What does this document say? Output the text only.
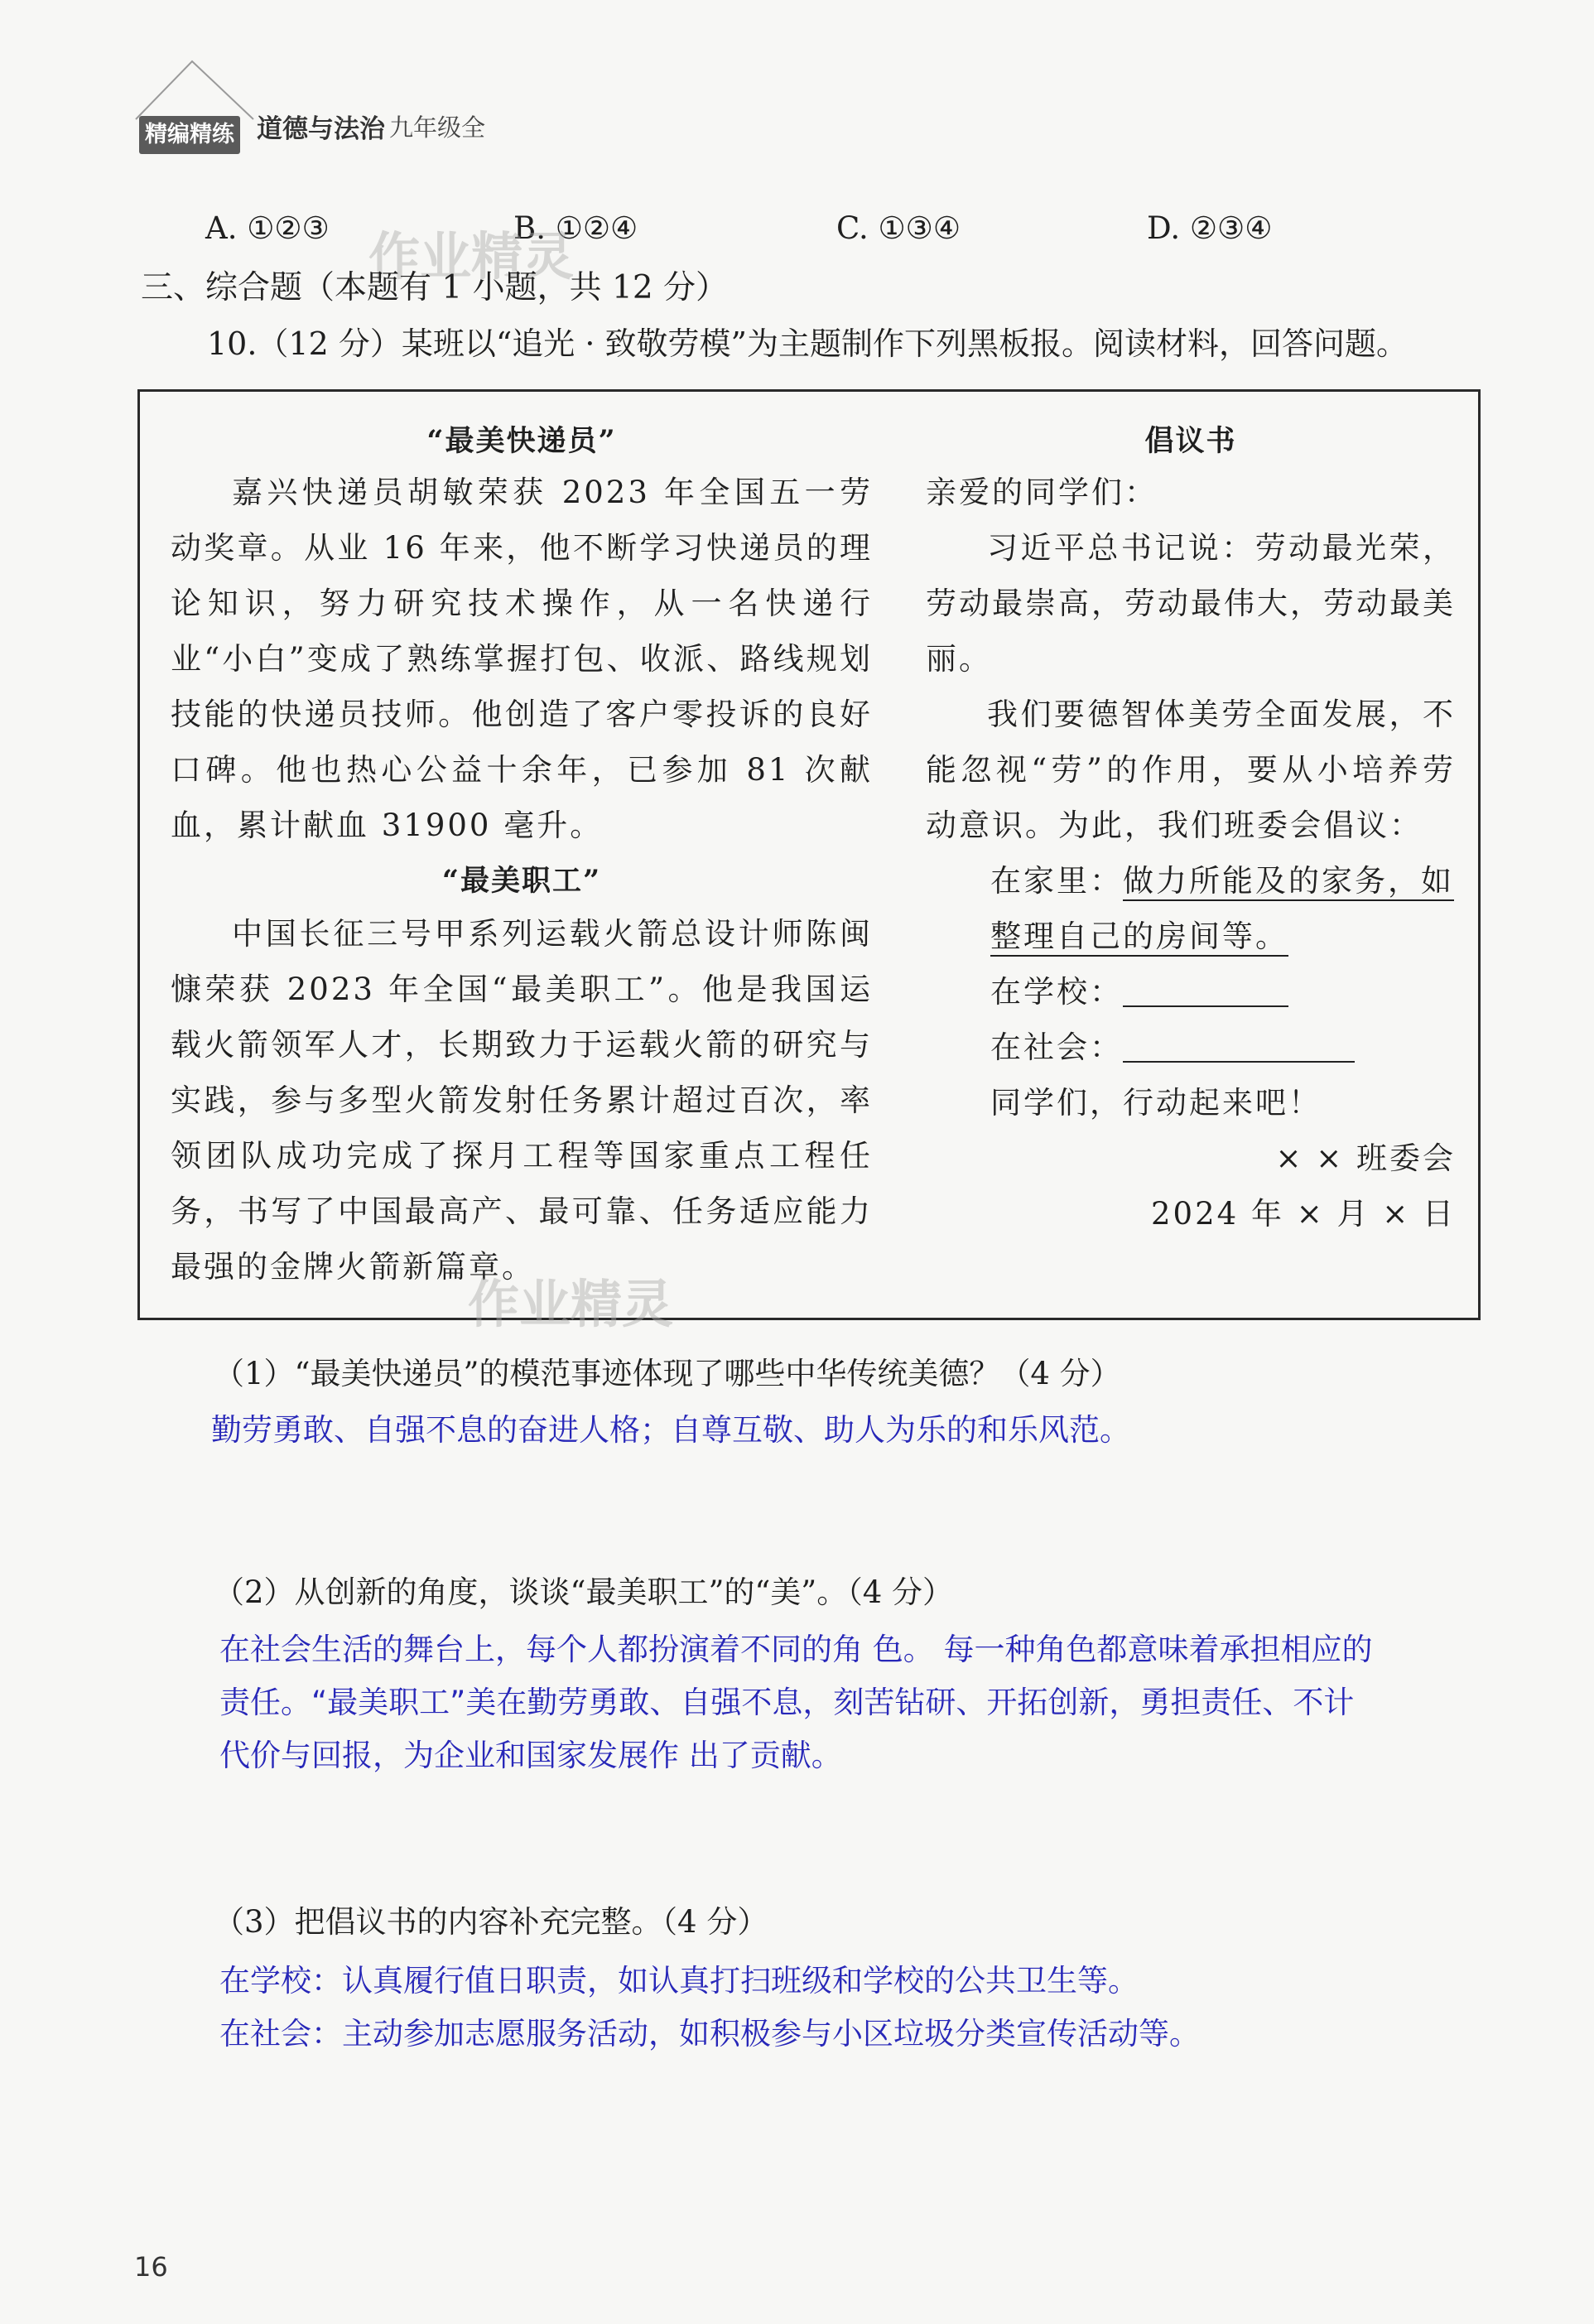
精编精练 道德与法治 九年级全
A. ①②③	B. ①②④	C. ①③④	D. ②③④
作业精灵
三、综合题（本题有 1 小题，共 12 分）
10.（12 分）某班以“追光 · 致敬劳模”为主题制作下列黑板报。阅读材料，回答问题。
“最美快递员”
嘉兴快递员胡敏荣获 2023 年全国五一劳动奖章。从业 16 年来，他不断学习快递员的理论知识，努力研究技术操作，从一名快递行业“小白”变成了熟练掌握打包、收派、路线规划技能的快递员技师。他创造了客户零投诉的良好口碑。他也热心公益十余年，已参加 81 次献血，累计献血 31900 毫升。
“最美职工”
中国长征三号甲系列运载火箭总设计师陈闽慷荣获 2023 年全国“最美职工”。他是我国运载火箭领军人才，长期致力于运载火箭的研究与实践，参与多型火箭发射任务累计超过百次，率领团队成功完成了探月工程等国家重点工程任务，书写了中国最高产、最可靠、任务适应能力最强的金牌火箭新篇章。
倡议书
亲爱的同学们：
习近平总书记说：劳动最光荣，劳动最崇高，劳动最伟大，劳动最美丽。
我们要德智体美劳全面发展，不能忽视“劳”的作用，要从小培养劳动意识。为此，我们班委会倡议：
在家里：做力所能及的家务，如整理自己的房间等。
在学校：
在社会：
同学们，行动起来吧！
× × 班委会
2024 年 × 月 × 日
作业精灵
（1）“最美快递员”的模范事迹体现了哪些中华传统美德？（4 分）
勤劳勇敢、自强不息的奋进人格；自尊互敬、助人为乐的和乐风范。
（2）从创新的角度，谈谈“最美职工”的“美”。（4 分）
在社会生活的舞台上，每个人都扮演着不同的角 色。 每一种角色都意味着承担相应的
责任。“最美职工”美在勤劳勇敢、自强不息，刻苦钻研、开拓创新，勇担责任、不计
代价与回报，为企业和国家发展作 出了贡献。
（3）把倡议书的内容补充完整。（4 分）
在学校：认真履行值日职责，如认真打扫班级和学校的公共卫生等。
在社会：主动参加志愿服务活动，如积极参与小区垃圾分类宣传活动等。
16
